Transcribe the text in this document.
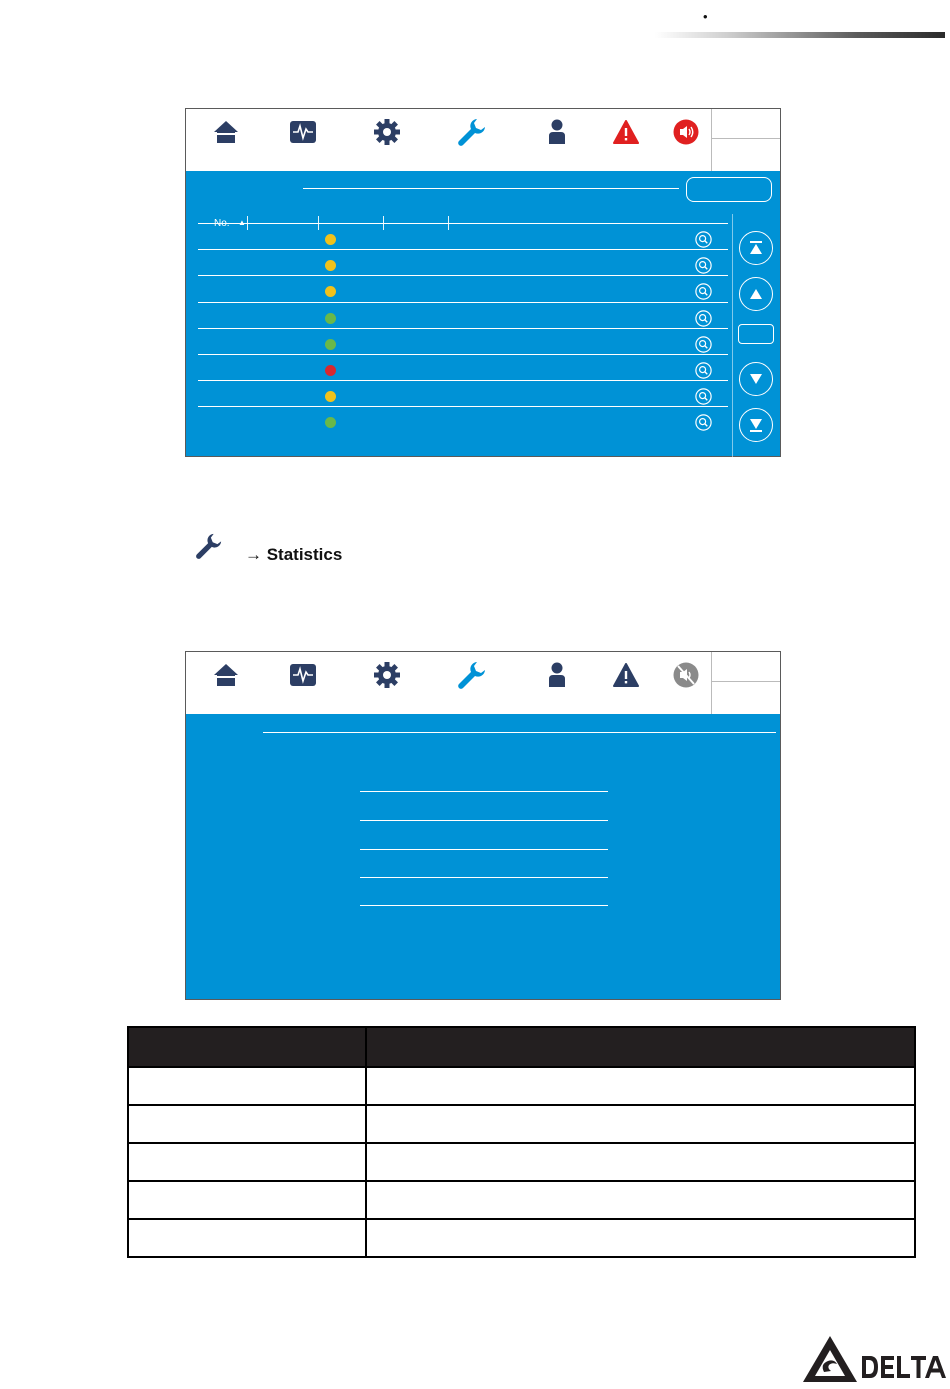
•
→ Statistics
